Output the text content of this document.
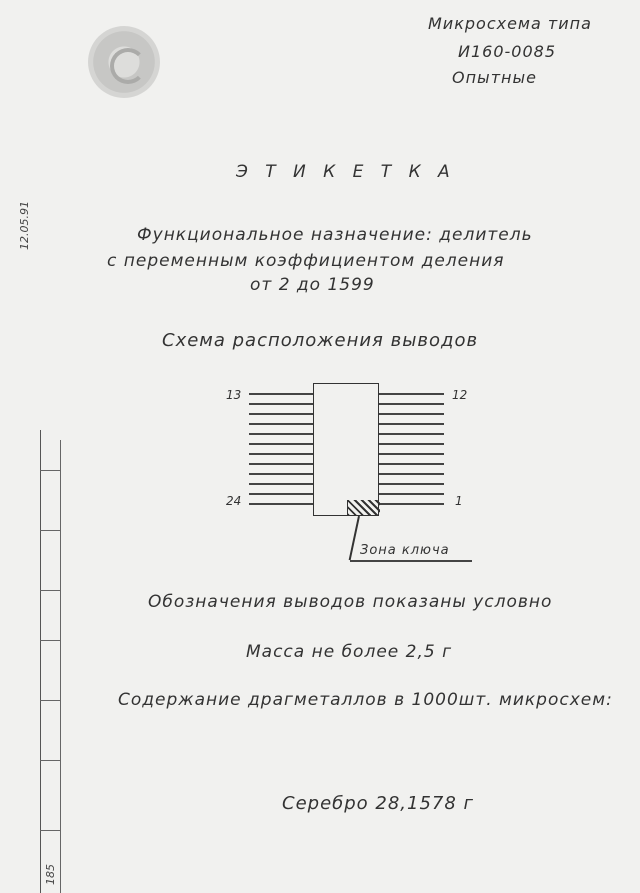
Микросхема типа
И160-0085
Опытные
Э Т И К Е Т К А
Функциональное назначение: делитель
с переменным коэффициентом деления
от 2 до 1599
Схема расположения выводов
13	12
24	1
Зона ключа
Обозначения выводов показаны условно
Масса не более 2,5 г
Содержание драгметаллов в 1000шт. микросхем:
Серебро 28,1578 г
12.05.91
185
